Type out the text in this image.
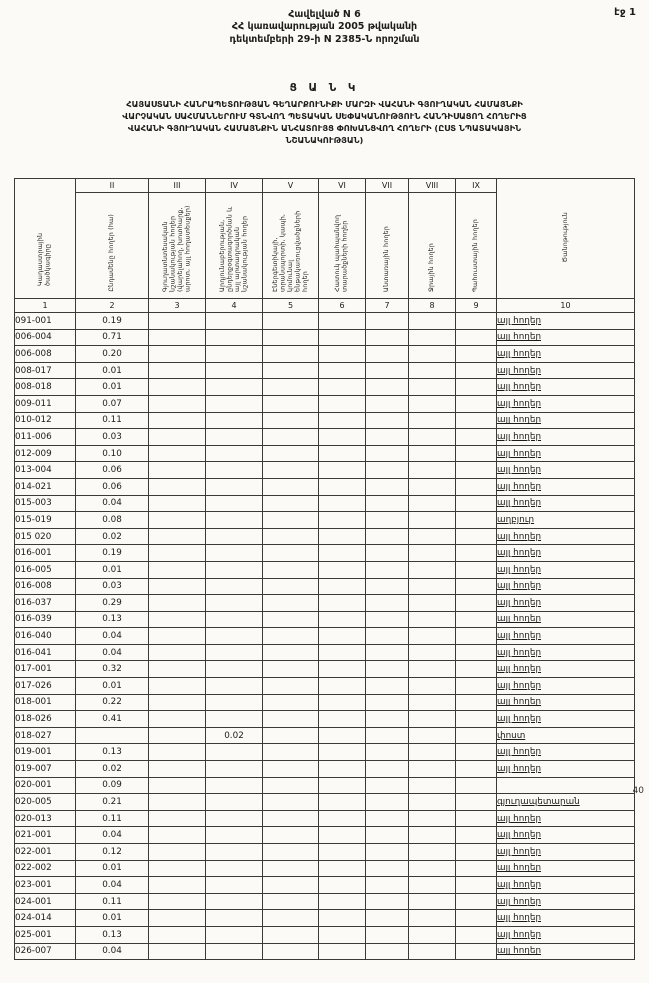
էջ 1
Հավելված N 6
ՀՀ կառավարության 2005 թվականի
դեկտեմբերի 29-ի N 2385-Ն որոշման
Ց Ա Ն Կ
ՀԱՅԱՍՏԱՆԻ ՀԱՆՐԱՊԵՏՈՒԹՅԱՆ ԳԵՂԱՐՔՈՒՆԻՔԻ ՄԱՐԶԻ ՎԱՀԱՆԻ ԳՅՈՒՂԱԿԱՆ ՀԱՄԱՅՆՔԻ
ՎԱՐՉԱԿԱՆ ՍԱՀՄԱՆՆԵՐՈՒՄ ԳՏՆՎՈՂ ՊԵՏԱԿԱՆ ՍԵՓԱԿԱՆՈՒԹՅՈՒՆ ՀԱՆԴԻՍԱՑՈՂ ՀՈՂԵՐԻՑ
ՎԱՀԱՆԻ ԳՅՈՒՂԱԿԱՆ ՀԱՄԱՅՆՔԻՆ ԱՆՀԱՏՈՒՅՑ ՓՈԽԱՆՑՎՈՂ ՀՈՂԵՐԻ (ԸՍՏ ՆՊԱՏԱԿԱՅԻՆ
ՆՇԱՆԱԿՈՒԹՅԱՆ)
Կադաստրային ծածկագիրը	II	III	IV	V	VI	VII	VIII	IX	Ծանոթություն
	Ընդամենը հողեր (հա)	Գյուղատնտեսական նշանակության հողեր (վարելահող, խոտհարք, արոտ, այլ հողատեսքեր)	Արդյունաբերության, ընդերքօգտագործման և այլ արտադրական նշանակության հողեր	Էներգետիկայի, տրանսպորտի, կապի, կոմունալ ենթակառուցվածքների հողեր	Հատուկ պահպանվող տարածքների հողեր	Անտառային հողեր	Ջրային հողեր	Պահուստային հողեր	
1	2	3	4	5	6	7	8	9	10
091-001	0.19								այլ հողեր
006-004	0.71								այլ հողեր
006-008	0.20								այլ հողեր
008-017	0.01								այլ հողեր
008-018	0.01								այլ հողեր
009-011	0.07								այլ հողեր
010-012	0.11								այլ հողեր
011-006	0.03								այլ հողեր
012-009	0.10								այլ հողեր
013-004	0.06								այլ հողեր
014-021	0.06								այլ հողեր
015-003	0.04								այլ հողեր
015-019	0.08								աղբյուր
015 020	0.02								այլ հողեր
016-001	0.19								այլ հողեր
016-005	0.01								այլ հողեր
016-008	0.03								այլ հողեր
016-037	0.29								այլ հողեր
016-039	0.13								այլ հողեր
016-040	0.04								այլ հողեր
016-041	0.04								այլ հողեր
017-001	0.32								այլ հողեր
017-026	0.01								այլ հողեր
018-001	0.22								այլ հողեր
018-026	0.41								այլ հողեր
018-027			0.02						փոստ
019-001	0.13								այլ հողեր
019-007	0.02								այլ հողեր
020-001	0.09								
020-005	0.21								գյուղապետարան
020-013	0.11								այլ հողեր
021-001	0.04								այլ հողեր
022-001	0.12								այլ հողեր
022-002	0.01								այլ հողեր
023-001	0.04								այլ հողեր
024-001	0.11								այլ հողեր
024-014	0.01								այլ հողեր
025-001	0.13								այլ հողեր
026-007	0.04								այլ հողեր
40
